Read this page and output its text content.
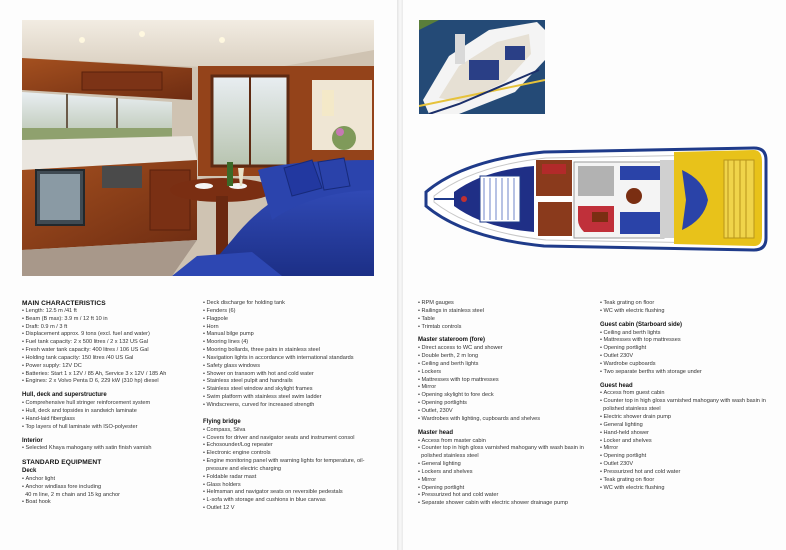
MAIN CHARACTERISTICS
• Length: 12.5 m /41 ft
• Beam (B max): 3.9 m / 12 ft 10 in
• Draft: 0.9 m / 3 ft
• Displacement approx. 9 tons (excl. fuel and water)
• Fuel tank capacity: 2 x 500 litres / 2 x 132 US Gal
• Fresh water tank capacity: 400 litres / 106 US Gal
• Holding tank capacity: 150 litres /40 US Gal
• Power supply: 12V DC
• Batteries: Start 1 x 12V / 85 Ah, Service 3 x 12V / 185 Ah
• Engines: 2 x Volvo Penta D 6, 229 kW (310 hp) diesel
Hull, deck and superstructure
• Comprehensive hull stringer reinforcement system
• Hull, deck and topsides in sandwich laminate
• Hand-laid fiberglass
• Top layers of hull laminate with ISO-polyester
Interior
• Selected Khaya mahogany with satin finish varnish
STANDARD EQUIPMENT
Deck
• Anchor light
• Anchor windlass fore including
40 m line, 2 m chain and 15 kg anchor
• Boat hook
• Deck discharge for holding tank
• Fenders (6)
• Flagpole
• Horn
• Manual bilge pump
• Mooring lines (4)
• Mooring bollards, three pairs in stainless steel
• Navigation lights in accordance with international standards
• Safety glass windows
• Shower on transom with hot and cold water
• Stainless steel pulpit and handrails
• Stainless steel window and skylight frames
• Swim platform with stainless steel swim ladder
• Windscreens, curved for increased strength
Flying bridge
• Compass, Silva
• Covers for driver and navigator seats and instrument consol
• Echosounder/Log repeater
• Electronic engine controls
• Engine monitoring panel with warning lights for temperature, oil-
pressure and electric charging
• Foldable radar mast
• Glass holders
• Helmsman and navigator seats on reversible pedestals
• L-sofa with storage and cushions in blue canvas
• Outlet 12 V
• RPM gauges
• Railings in stainless steel
• Table
• Trimtab controls
Master stateroom (fore)
• Direct access to WC and shower
• Double berth, 2 m long
• Ceiling and berth lights
• Lockers
• Mattresses with top mattresses
• Mirror
• Opening skylight to fore deck
• Opening portlights
• Outlet, 230V
• Wardrobes with lighting, cupboards and shelves
Master head
• Access from master cabin
• Counter top in high gloss varnished mahogany with wash basin in
polished stainless steel
• General lighting
• Lockers and shelves
• Mirror
• Opening portlight
• Pressurized hot and cold water
• Separate shower cabin with electric shower drainage pump
• Teak grating on floor
• WC with electric flushing
Guest cabin (Starboard side)
• Ceiling and berth lights
• Mattresses with top mattresses
• Opening portlight
• Outlet 230V
• Wardrobe cupboards
• Two separate berths with storage under
Guest head
• Access from guest cabin
• Counter top in high gloss varnished mahogany with wash basin in
polished stainless steel
• Electric shower drain pump
• General lighting
• Hand-held shower
• Locker and shelves
• Mirror
• Opening portlight
• Outlet 230V
• Pressurized hot and cold water
• Teak grating on floor
• WC with electric flushing
